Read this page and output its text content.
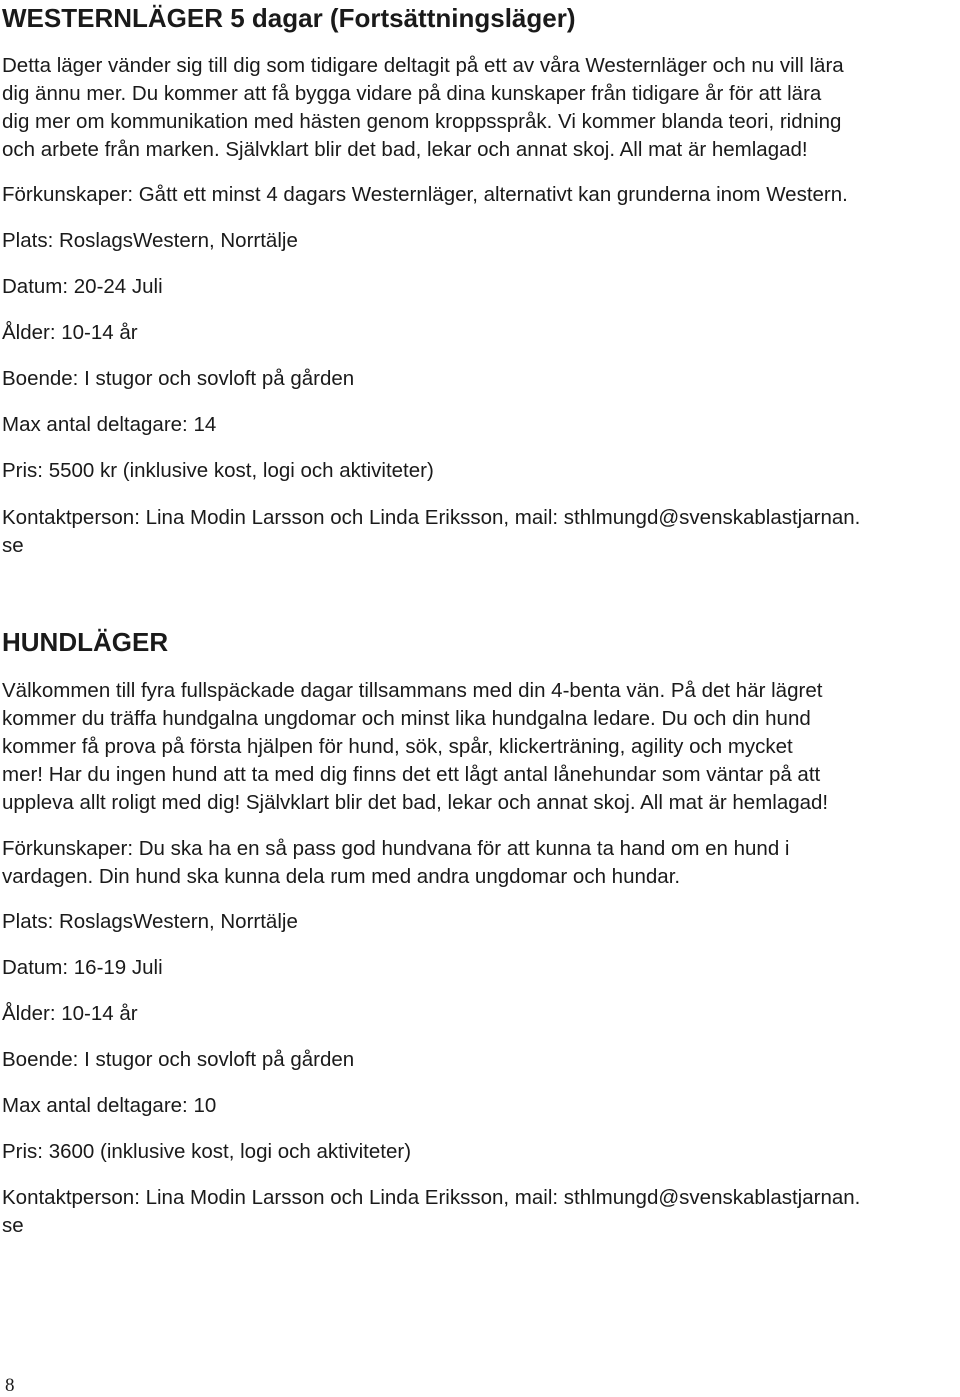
WESTERNLÄGER 5 dagar (Fortsättningsläger)

Detta läger vänder sig till dig som tidigare deltagit på ett av våra Westernläger och nu vill lära

dig ännu mer. Du kommer att få bygga vidare på dina kunskaper från tidigare år för att lära

dig mer om kommunikation med hästen genom kroppsspråk. Vi kommer blanda teori, ridning

och arbete från marken. Självklart blir det bad, lekar och annat skoj. All mat är hemlagad!

Förkunskaper: Gått ett minst 4 dagars Westernläger, alternativt kan grunderna inom Western.

Plats: RoslagsWestern, Norrtälje

Datum: 20-24 Juli

Ålder: 10-14 år

Boende: I stugor och sovloft på gården

Max antal deltagare: 14

Pris: 5500 kr (inklusive kost, logi och aktiviteter)

Kontaktperson: Lina Modin Larsson och Linda Eriksson, mail: sthlmungd@svenskablastjarnan.

se

HUNDLÄGER

Välkommen till fyra fullspäckade dagar tillsammans med din 4-benta vän. På det här lägret

kommer du träffa hundgalna ungdomar och minst lika hundgalna ledare. Du och din hund

kommer få prova på första hjälpen för hund, sök, spår, klickerträning, agility och mycket

mer! Har du ingen hund att ta med dig finns det ett lågt antal lånehundar som väntar på att

uppleva allt roligt med dig! Självklart blir det bad, lekar och annat skoj. All mat är hemlagad!

Förkunskaper: Du ska ha en så pass god hundvana för att kunna ta hand om en hund i

vardagen. Din hund ska kunna dela rum med andra ungdomar och hundar.

Plats: RoslagsWestern, Norrtälje

Datum: 16-19 Juli

Ålder: 10-14 år

Boende: I stugor och sovloft på gården

Max antal deltagare: 10

Pris: 3600 (inklusive kost, logi och aktiviteter)

Kontaktperson: Lina Modin Larsson och Linda Eriksson, mail: sthlmungd@svenskablastjarnan.

se

8
